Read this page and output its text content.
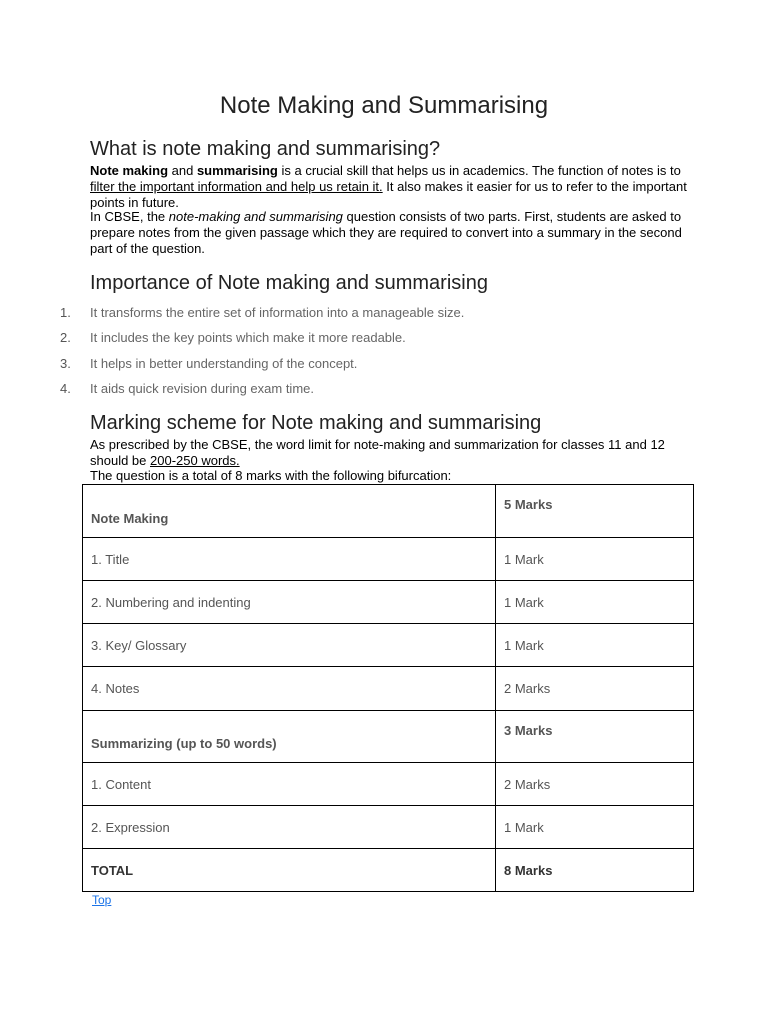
Note Making and Summarising
What is note making and summarising?

Note making and summarising is a crucial skill that helps us in academics. The function of notes is to filter the important information and help us retain it. It also makes it easier for us to refer to the important points in future.

In CBSE, the note-making and summarising question consists of two parts. First, students are asked to prepare notes from the given passage which they are required to convert into a summary in the second part of the question.

Importance of Note making and summarising
1.	It transforms the entire set of information into a manageable size.
2.	It includes the key points which make it more readable.
3.	It helps in better understanding of the concept.
4.	It aids quick revision during exam time.
Marking scheme for Note making and summarising

As prescribed by the CBSE, the word limit for note-making and summarization for classes 11 and 12 should be 200-250 words.

The question is a total of 8 marks with the following bifurcation:

Note Making	5 Marks
1. Title	1 Mark
2. Numbering and indenting	1 Mark
3. Key/ Glossary	1 Mark
4. Notes	2 Marks
Summarizing (up to 50 words)	3 Marks
1. Content	2 Marks
2. Expression	1 Mark
TOTAL	8 Marks
Top
